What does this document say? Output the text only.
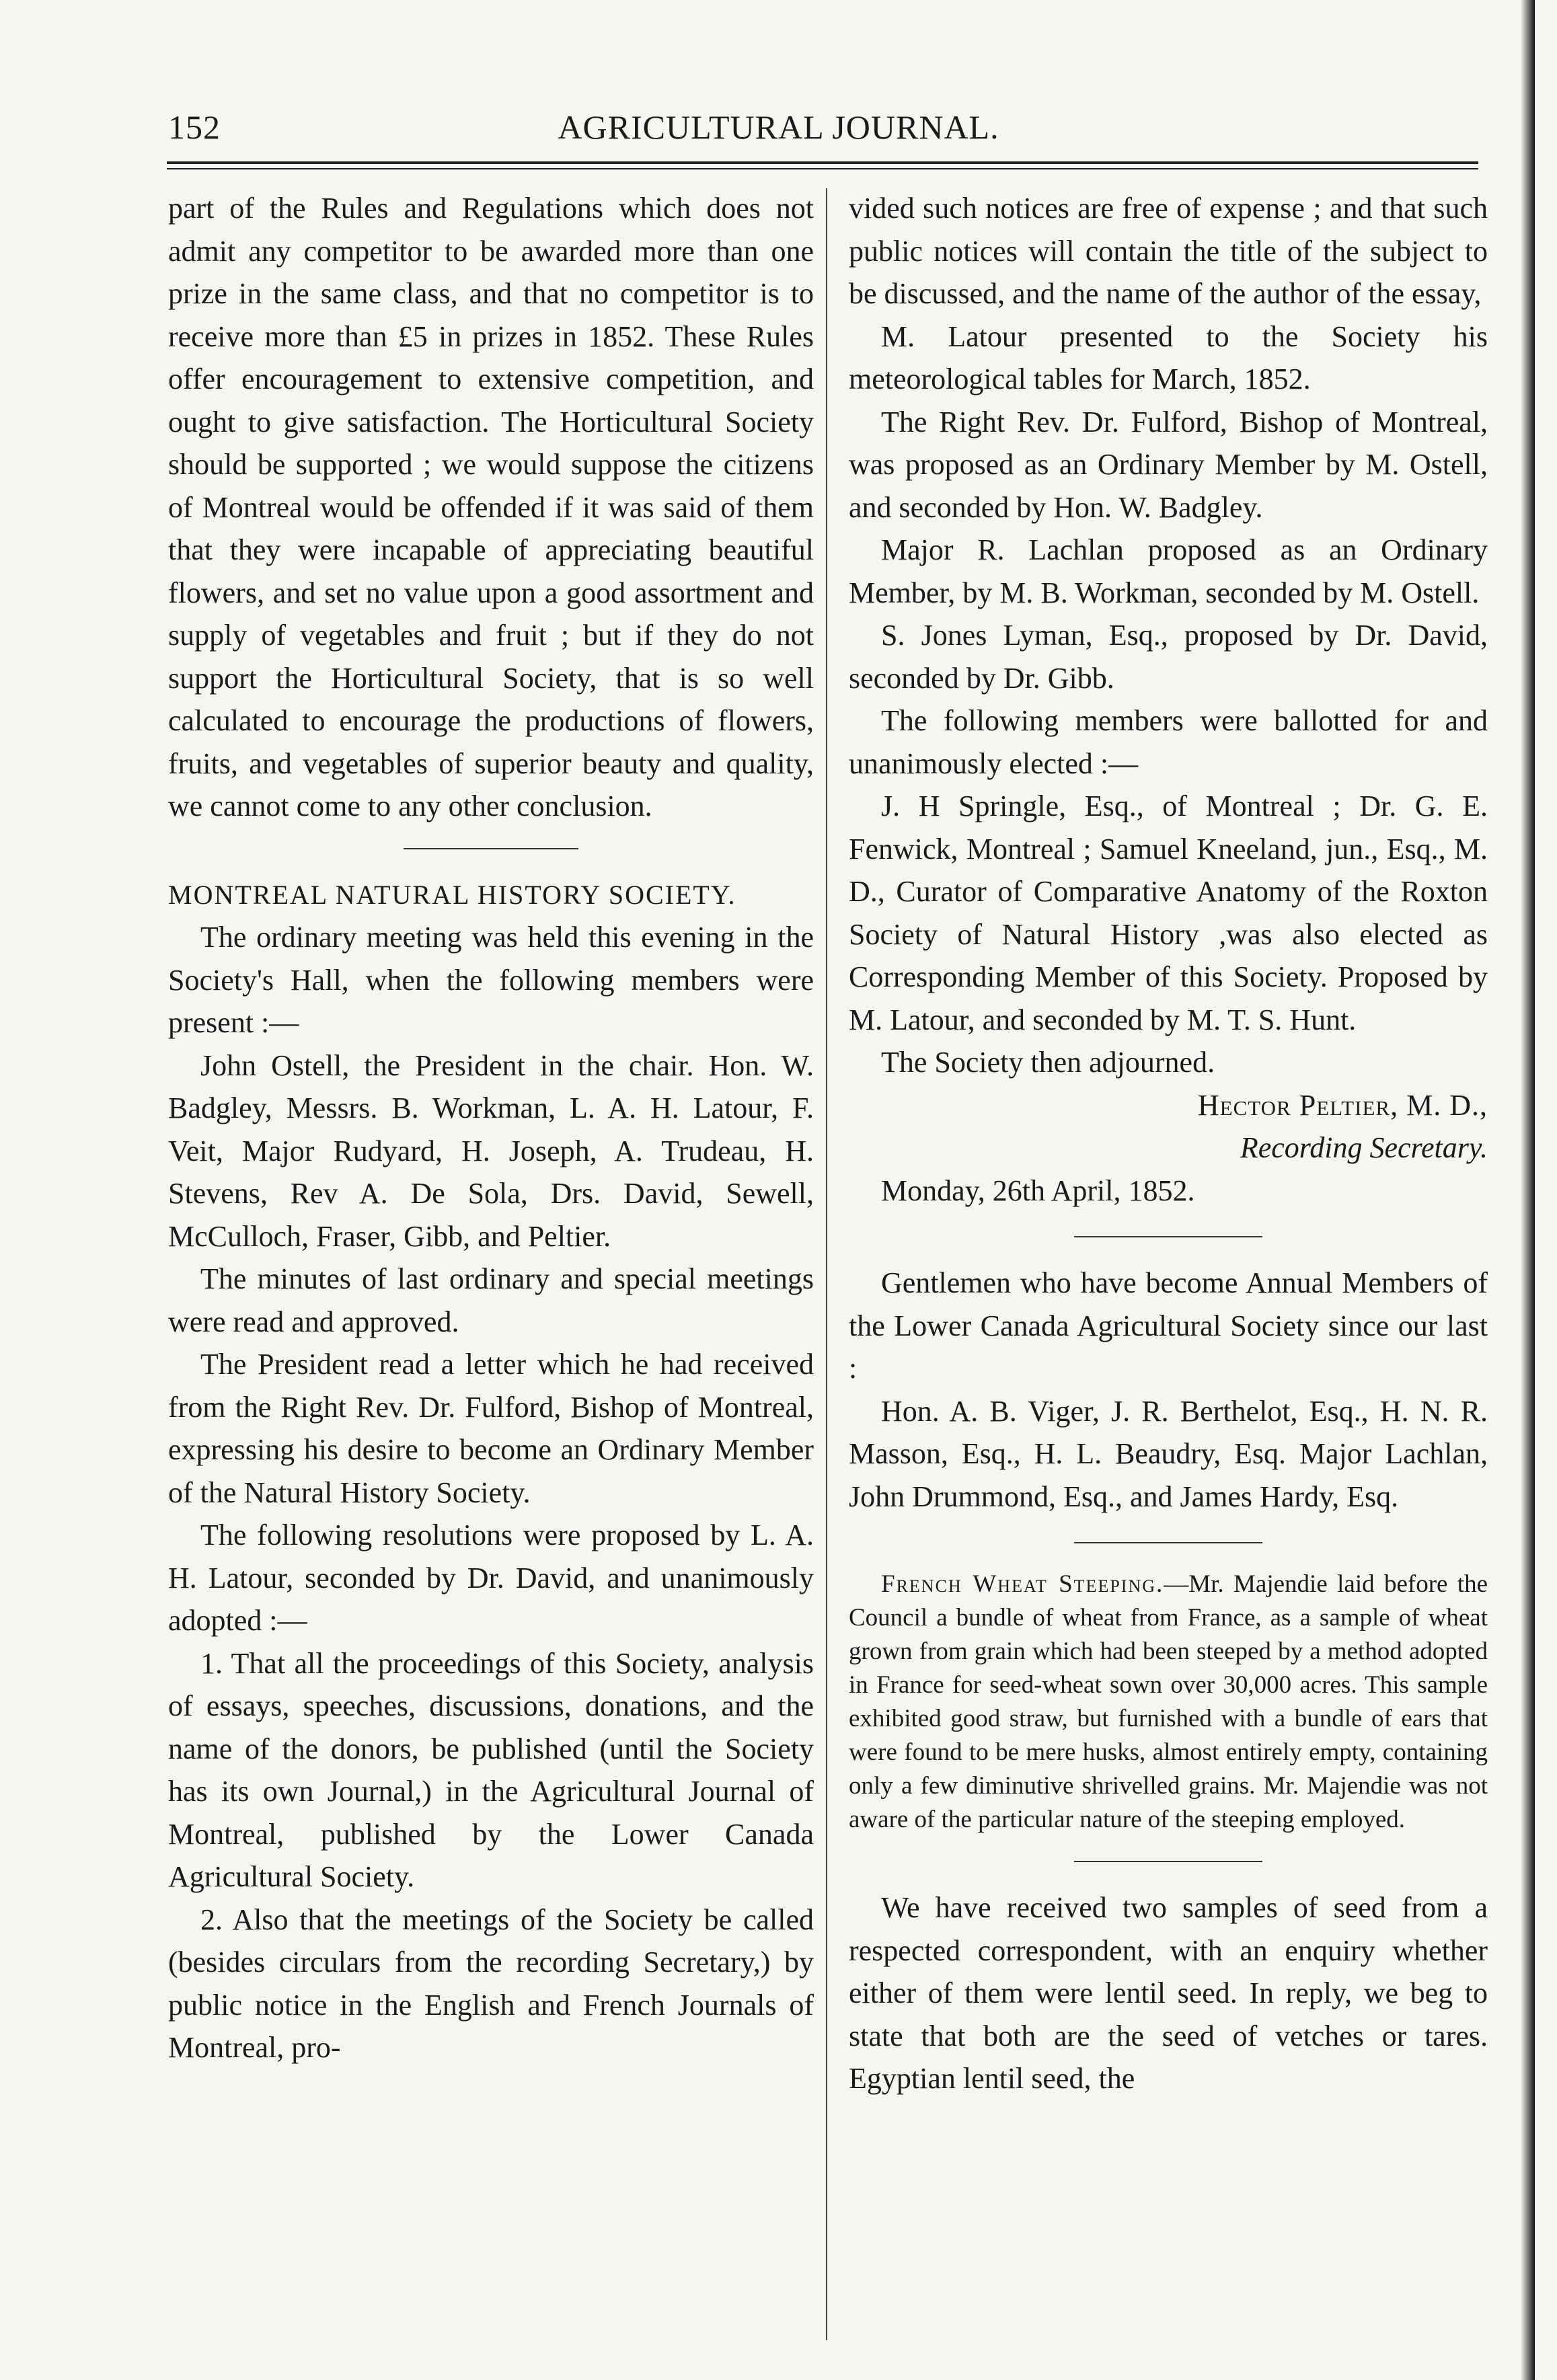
152	AGRICULTURAL JOURNAL.

part of the Rules and Regulations which does not admit any competitor to be awarded more than one prize in the same class, and that no competitor is to receive more than £5 in prizes in 1852. These Rules offer encouragement to extensive competition, and ought to give satisfaction. The Horticultural Society should be supported ; we would suppose the citizens of Montreal would be offended if it was said of them that they were incapable of appreciating beautiful flowers, and set no value upon a good assortment and supply of vegetables and fruit ; but if they do not support the Horticultural Society, that is so well calculated to encourage the productions of flowers, fruits, and vegetables of superior beauty and quality, we cannot come to any other conclusion.

MONTREAL NATURAL HISTORY SOCIETY.

The ordinary meeting was held this evening in the Society's Hall, when the following members were present :—

John Ostell, the President in the chair. Hon. W. Badgley, Messrs. B. Workman, L. A. H. Latour, F. Veit, Major Rudyard, H. Joseph, A. Trudeau, H. Stevens, Rev A. De Sola, Drs. David, Sewell, McCulloch, Fraser, Gibb, and Peltier.

The minutes of last ordinary and special meetings were read and approved.

The President read a letter which he had received from the Right Rev. Dr. Fulford, Bishop of Montreal, expressing his desire to become an Ordinary Member of the Natural History Society.

The following resolutions were proposed by L. A. H. Latour, seconded by Dr. David, and unanimously adopted :—

1. That all the proceedings of this Society, analysis of essays, speeches, discussions, donations, and the name of the donors, be published (until the Society has its own Journal,) in the Agricultural Journal of Montreal, published by the Lower Canada Agricultural Society.

2. Also that the meetings of the Society be called (besides circulars from the recording Secretary,) by public notice in the English and French Journals of Montreal, pro-

vided such notices are free of expense ; and that such public notices will contain the title of the subject to be discussed, and the name of the author of the essay,

M. Latour presented to the Society his meteorological tables for March, 1852.

The Right Rev. Dr. Fulford, Bishop of Montreal, was proposed as an Ordinary Member by M. Ostell, and seconded by Hon. W. Badgley.

Major R. Lachlan proposed as an Ordinary Member, by M. B. Workman, seconded by M. Ostell.

S. Jones Lyman, Esq., proposed by Dr. David, seconded by Dr. Gibb.

The following members were ballotted for and unanimously elected :—

J. H Springle, Esq., of Montreal ; Dr. G. E. Fenwick, Montreal ; Samuel Kneeland, jun., Esq., M. D., Curator of Comparative Anatomy of the Roxton Society of Natural History ,was also elected as Corresponding Member of this Society. Proposed by M. Latour, and seconded by M. T. S. Hunt.

The Society then adjourned.

Hector Peltier, M. D.,

Recording Secretary.

Monday, 26th April, 1852.

Gentlemen who have become Annual Members of the Lower Canada Agricultural Society since our last :

Hon. A. B. Viger, J. R. Berthelot, Esq., H. N. R. Masson, Esq., H. L. Beaudry, Esq. Major Lachlan, John Drummond, Esq., and James Hardy, Esq.

French Wheat Steeping.—Mr. Majendie laid before the Council a bundle of wheat from France, as a sample of wheat grown from grain which had been steeped by a method adopted in France for seed-wheat sown over 30,000 acres. This sample exhibited good straw, but furnished with a bundle of ears that were found to be mere husks, almost entirely empty, containing only a few diminutive shrivelled grains. Mr. Majendie was not aware of the particular nature of the steeping employed.

We have received two samples of seed from a respected correspondent, with an enquiry whether either of them were lentil seed. In reply, we beg to state that both are the seed of vetches or tares. Egyptian lentil seed, the
